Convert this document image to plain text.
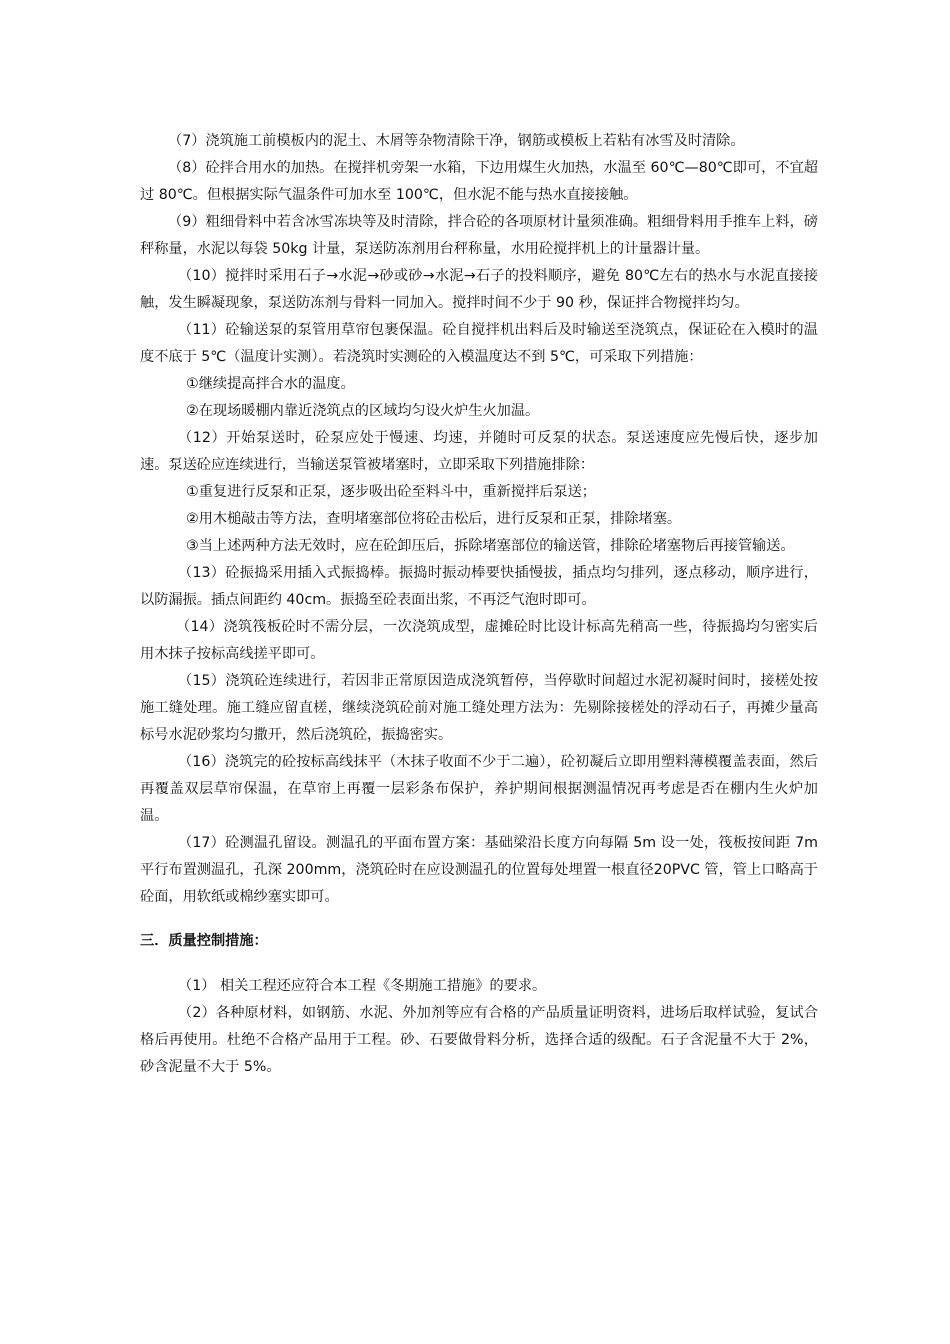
（7）浇筑施工前模板内的泥土、木屑等杂物清除干净，钢筋或模板上若粘有冰雪及时清除。

（8）砼拌合用水的加热。在搅拌机旁架一水箱，下边用煤生火加热，水温至 60℃—80℃即可，不宜超过 80℃。但根据实际气温条件可加水至 100℃，但水泥不能与热水直接接触。

（9）粗细骨料中若含冰雪冻块等及时清除，拌合砼的各项原材计量须准确。粗细骨料用手推车上料，磅秤称量，水泥以每袋 50kg 计量，泵送防冻剂用台秤称量，水用砼搅拌机上的计量器计量。

（10）搅拌时采用石子→水泥→砂或砂→水泥→石子的投料顺序，避免 80℃左右的热水与水泥直接接触，发生瞬凝现象，泵送防冻剂与骨料一同加入。搅拌时间不少于 90 秒，保证拌合物搅拌均匀。

（11）砼输送泵的泵管用草帘包裹保温。砼自搅拌机出料后及时输送至浇筑点，保证砼在入模时的温度不底于 5℃（温度计实测）。若浇筑时实测砼的入模温度达不到 5℃，可采取下列措施：

①继续提高拌合水的温度。

②在现场暖棚内靠近浇筑点的区域均匀设火炉生火加温。

（12）开始泵送时，砼泵应处于慢速、均速，并随时可反泵的状态。泵送速度应先慢后快，逐步加速。泵送砼应连续进行，当输送泵管被堵塞时，立即采取下列措施排除：

①重复进行反泵和正泵，逐步吸出砼至料斗中，重新搅拌后泵送；

②用木槌敲击等方法，查明堵塞部位将砼击松后，进行反泵和正泵，排除堵塞。

③当上述两种方法无效时，应在砼卸压后，拆除堵塞部位的输送管，排除砼堵塞物后再接管输送。

（13）砼振捣采用插入式振捣棒。振捣时振动棒要快插慢拔，插点均匀排列，逐点移动，顺序进行，以防漏振。插点间距约 40cm。振捣至砼表面出浆，不再泛气泡时即可。

（14）浇筑筏板砼时不需分层，一次浇筑成型，虚摊砼时比设计标高先稍高一些，待振捣均匀密实后用木抹子按标高线搓平即可。

（15）浇筑砼连续进行，若因非正常原因造成浇筑暂停，当停歇时间超过水泥初凝时间时，接槎处按施工缝处理。施工缝应留直槎，继续浇筑砼前对施工缝处理方法为：先剔除接槎处的浮动石子，再摊少量高标号水泥砂浆均匀撒开，然后浇筑砼，振捣密实。

（16）浇筑完的砼按标高线抹平（木抹子收面不少于二遍），砼初凝后立即用塑料薄模覆盖表面，然后再覆盖双层草帘保温，在草帘上再覆一层彩条布保护，养护期间根据测温情况再考虑是否在棚内生火炉加温。

（17）砼测温孔留设。测温孔的平面布置方案：基础梁沿长度方向每隔 5m 设一处，筏板按间距 7m 平行布置测温孔，孔深 200mm，浇筑砼时在应设测温孔的位置每处埋置一根直径20PVC 管，管上口略高于砼面，用软纸或棉纱塞实即可。

三．质量控制措施：

（1） 相关工程还应符合本工程《冬期施工措施》的要求。

（2）各种原材料，如钢筋、水泥、外加剂等应有合格的产品质量证明资料，进场后取样试验，复试合格后再使用。杜绝不合格产品用于工程。砂、石要做骨料分析，选择合适的级配。石子含泥量不大于 2%，砂含泥量不大于 5%。
